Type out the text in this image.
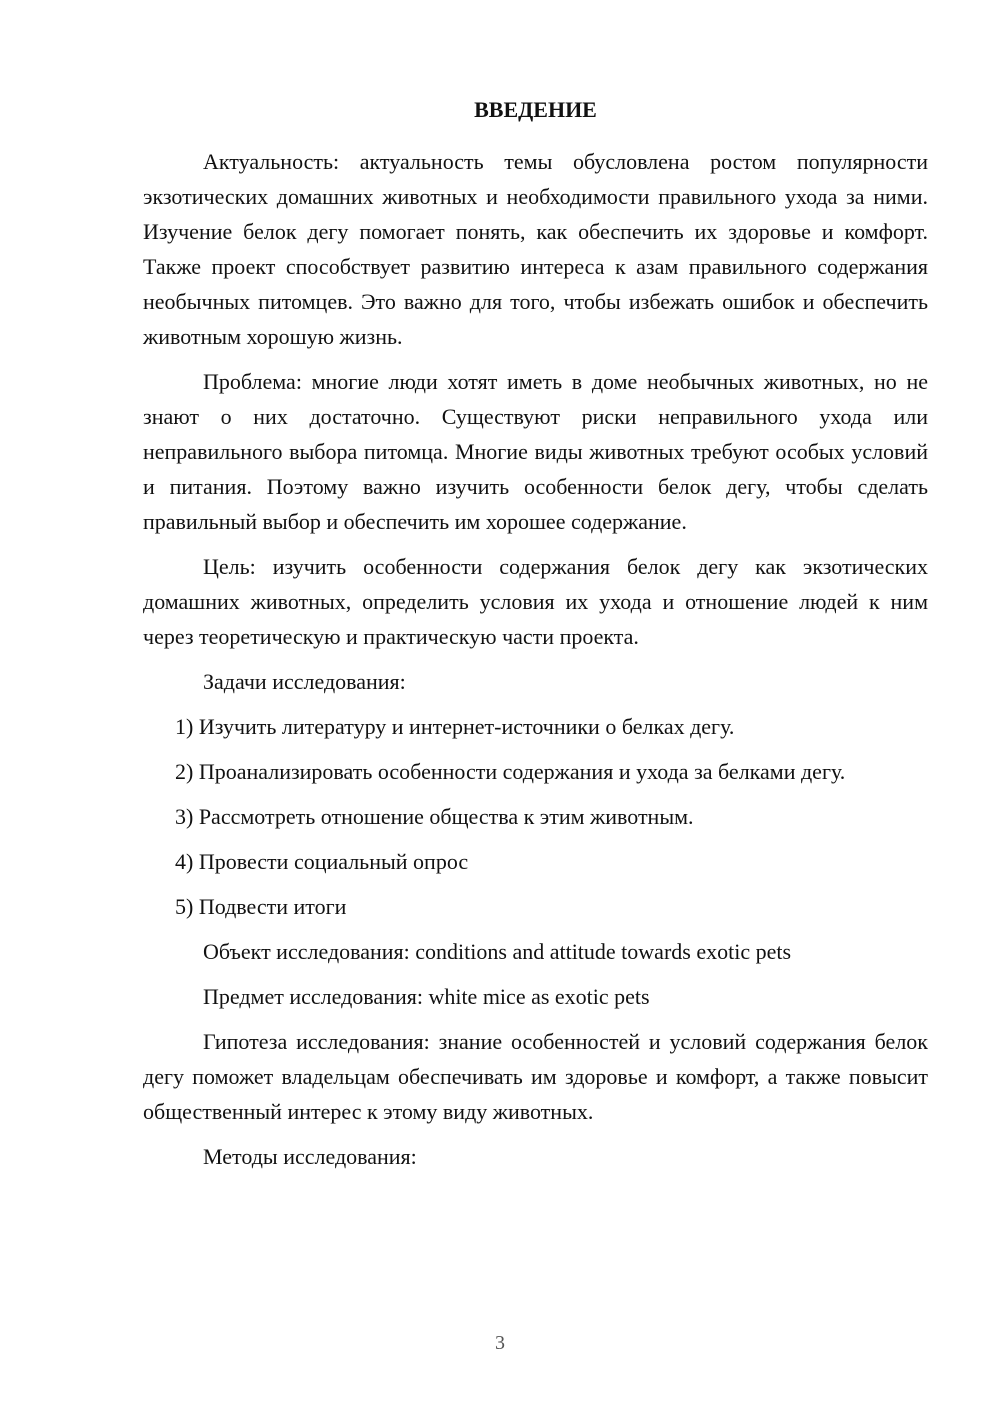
ВВЕДЕНИЕ

Актуальность: актуальность темы обусловлена ростом популярности экзотических домашних животных и необходимости правильного ухода за ними. Изучение белок дегу помогает понять, как обеспечить их здоровье и комфорт. Также проект способствует развитию интереса к азам правильного содержания необычных питомцев. Это важно для того, чтобы избежать ошибок и обеспечить животным хорошую жизнь.

Проблема: многие люди хотят иметь в доме необычных животных, но не знают о них достаточно. Существуют риски неправильного ухода или неправильного выбора питомца. Многие виды животных требуют особых условий и питания. Поэтому важно изучить особенности белок дегу, чтобы сделать правильный выбор и обеспечить им хорошее содержание.

Цель: изучить особенности содержания белок дегу как экзотических домашних животных, определить условия их ухода и отношение людей к ним через теоретическую и практическую части проекта.

Задачи исследования:

1) Изучить литературу и интернет-источники о белках дегу.

2) Проанализировать особенности содержания и ухода за белками дегу.

3) Рассмотреть отношение общества к этим животным.

4) Провести социальный опрос

5) Подвести итоги

Объект исследования: conditions and attitude towards exotic pets

Предмет исследования: white mice as exotic pets

Гипотеза исследования: знание особенностей и условий содержания белок дегу поможет владельцам обеспечивать им здоровье и комфорт, а также повысит общественный интерес к этому виду животных.

Методы исследования:

3
